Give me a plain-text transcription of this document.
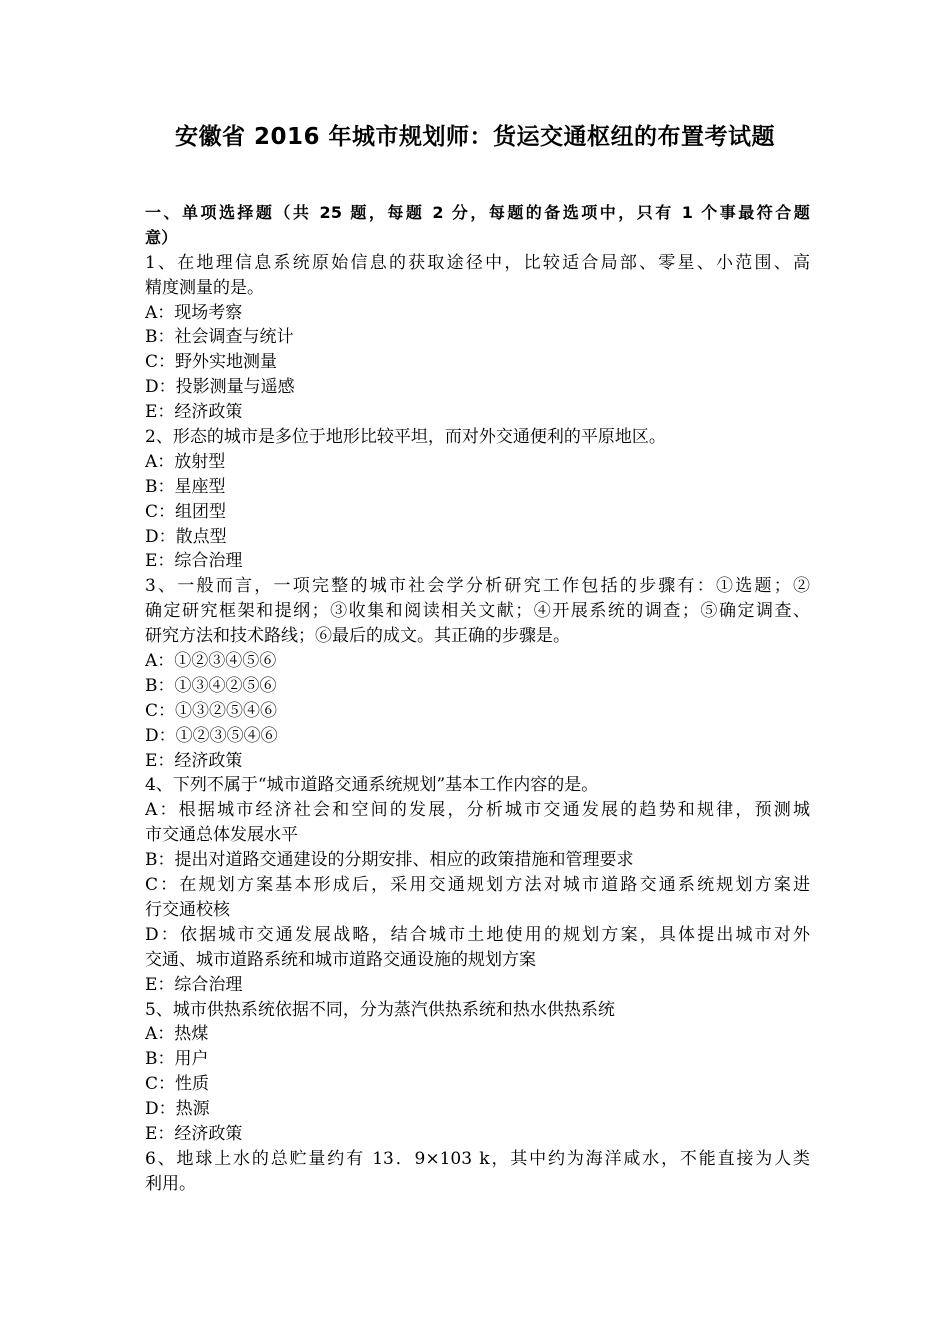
安徽省 2016 年城市规划师：货运交通枢纽的布置考试题
一、单项选择题（共 25 题，每题 2 分，每题的备选项中，只有 1 个事最符合题
意）
1、在地理信息系统原始信息的获取途径中，比较适合局部、零星、小范围、高
精度测量的是。
A：现场考察
B：社会调查与统计
C：野外实地测量
D：投影测量与遥感
E：经济政策
2、形态的城市是多位于地形比较平坦，而对外交通便利的平原地区。
A：放射型
B：星座型
C：组团型
D：散点型
E：综合治理
3、一般而言，一项完整的城市社会学分析研究工作包括的步骤有：①选题；②
确定研究框架和提纲；③收集和阅读相关文献；④开展系统的调查；⑤确定调查、
研究方法和技术路线；⑥最后的成文。其正确的步骤是。
A：①②③④⑤⑥
B：①③④②⑤⑥
C：①③②⑤④⑥
D：①②③⑤④⑥
E：经济政策
4、下列不属于“城市道路交通系统规划”基本工作内容的是。
A：根据城市经济社会和空间的发展，分析城市交通发展的趋势和规律，预测城
市交通总体发展水平
B：提出对道路交通建设的分期安排、相应的政策措施和管理要求
C：在规划方案基本形成后，采用交通规划方法对城市道路交通系统规划方案进
行交通校核
D：依据城市交通发展战略，结合城市土地使用的规划方案，具体提出城市对外
交通、城市道路系统和城市道路交通设施的规划方案
E：综合治理
5、城市供热系统依据不同，分为蒸汽供热系统和热水供热系统
A：热煤
B：用户
C：性质
D：热源
E：经济政策
6、地球上水的总贮量约有 13．9×103 k，其中约为海洋咸水，不能直接为人类
利用。
